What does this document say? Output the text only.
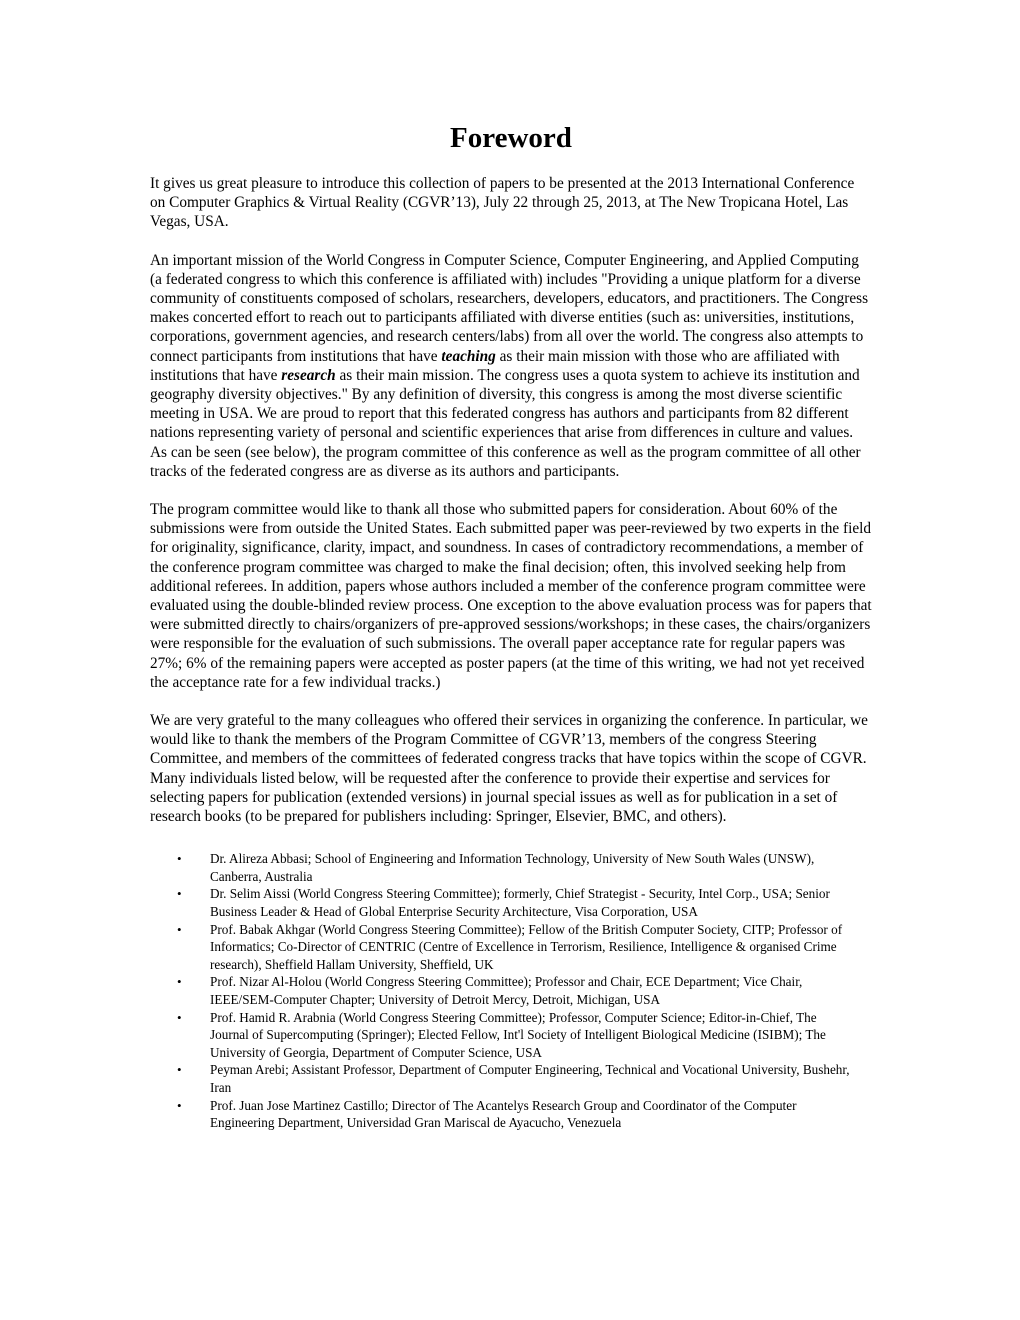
Foreword

It gives us great pleasure to introduce this collection of papers to be presented at the 2013 International Conference on Computer Graphics & Virtual Reality (CGVR’13), July 22 through 25, 2013, at The New Tropicana Hotel, Las Vegas, USA.

An important mission of the World Congress in Computer Science, Computer Engineering, and Applied Computing (a federated congress to which this conference is affiliated with) includes "Providing a unique platform for a diverse community of constituents composed of scholars, researchers, developers, educators, and practitioners. The Congress makes concerted effort to reach out to participants affiliated with diverse entities (such as: universities, institutions, corporations, government agencies, and research centers/labs) from all over the world. The congress also attempts to connect participants from institutions that have teaching as their main mission with those who are affiliated with institutions that have research as their main mission. The congress uses a quota system to achieve its institution and geography diversity objectives." By any definition of diversity, this congress is among the most diverse scientific meeting in USA. We are proud to report that this federated congress has authors and participants from 82 different nations representing variety of personal and scientific experiences that arise from differences in culture and values. As can be seen (see below), the program committee of this conference as well as the program committee of all other tracks of the federated congress are as diverse as its authors and participants.

The program committee would like to thank all those who submitted papers for consideration. About 60% of the submissions were from outside the United States. Each submitted paper was peer-reviewed by two experts in the field for originality, significance, clarity, impact, and soundness. In cases of contradictory recommendations, a member of the conference program committee was charged to make the final decision; often, this involved seeking help from additional referees. In addition, papers whose authors included a member of the conference program committee were evaluated using the double-blinded review process. One exception to the above evaluation process was for papers that were submitted directly to chairs/organizers of pre-approved sessions/workshops; in these cases, the chairs/organizers were responsible for the evaluation of such submissions. The overall paper acceptance rate for regular papers was 27%; 6% of the remaining papers were accepted as poster papers (at the time of this writing, we had not yet received the acceptance rate for a few individual tracks.)

We are very grateful to the many colleagues who offered their services in organizing the conference. In particular, we would like to thank the members of the Program Committee of CGVR’13, members of the congress Steering Committee, and members of the committees of federated congress tracks that have topics within the scope of CGVR. Many individuals listed below, will be requested after the conference to provide their expertise and services for selecting papers for publication (extended versions) in journal special issues as well as for publication in a set of research books (to be prepared for publishers including: Springer, Elsevier, BMC, and others).

• Dr. Alireza Abbasi; School of Engineering and Information Technology, University of New South Wales (UNSW), Canberra, Australia
• Dr. Selim Aissi (World Congress Steering Committee); formerly, Chief Strategist - Security, Intel Corp., USA; Senior Business Leader & Head of Global Enterprise Security Architecture, Visa Corporation, USA
• Prof. Babak Akhgar (World Congress Steering Committee); Fellow of the British Computer Society, CITP; Professor of Informatics; Co-Director of CENTRIC (Centre of Excellence in Terrorism, Resilience, Intelligence & organised Crime research), Sheffield Hallam University, Sheffield, UK
• Prof. Nizar Al-Holou (World Congress Steering Committee); Professor and Chair, ECE Department; Vice Chair, IEEE/SEM-Computer Chapter; University of Detroit Mercy, Detroit, Michigan, USA
• Prof. Hamid R. Arabnia (World Congress Steering Committee); Professor, Computer Science; Editor-in-Chief, The Journal of Supercomputing (Springer); Elected Fellow, Int'l Society of Intelligent Biological Medicine (ISIBM); The University of Georgia, Department of Computer Science, USA
• Peyman Arebi; Assistant Professor, Department of Computer Engineering, Technical and Vocational University, Bushehr, Iran
• Prof. Juan Jose Martinez Castillo; Director of The Acantelys Research Group and Coordinator of the Computer Engineering Department, Universidad Gran Mariscal de Ayacucho, Venezuela
